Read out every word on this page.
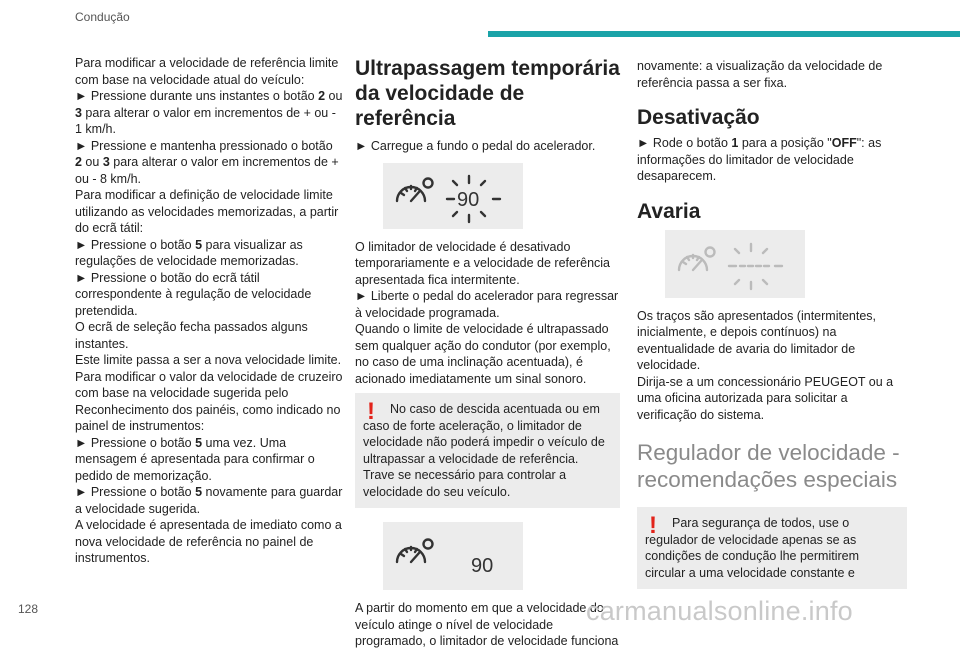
Condução

Para modificar a velocidade de referência limite com base na velocidade atual do veículo:

► Pressione durante uns instantes o botão 2 ou 3 para alterar o valor em incrementos de + ou - 1 km/h.

► Pressione e mantenha pressionado o botão 2 ou 3 para alterar o valor em incrementos de + ou - 8 km/h.

Para modificar a definição de velocidade limite utilizando as velocidades memorizadas, a partir do ecrã tátil:

► Pressione o botão 5 para visualizar as regulações de velocidade memorizadas.

► Pressione o botão do ecrã tátil correspondente à regulação de velocidade pretendida.

O ecrã de seleção fecha passados alguns instantes.

Este limite passa a ser a nova velocidade limite.

Para modificar o valor da velocidade de cruzeiro com base na velocidade sugerida pelo Reconhecimento dos painéis, como indicado no painel de instrumentos:

► Pressione o botão 5 uma vez. Uma mensagem é apresentada para confirmar o pedido de memorização.

► Pressione o botão 5 novamente para guardar a velocidade sugerida.

A velocidade é apresentada de imediato como a nova velocidade de referência no painel de instrumentos.

Ultrapassagem temporária da velocidade de referência

► Carregue a fundo o pedal do acelerador.

90

O limitador de velocidade é desativado temporariamente e a velocidade de referência apresentada fica intermitente.

► Liberte o pedal do acelerador para regressar à velocidade programada.

Quando o limite de velocidade é ultrapassado sem qualquer ação do condutor (por exemplo, no caso de uma inclinação acentuada), é acionado imediatamente um sinal sonoro.

!	No caso de descida acentuada ou em caso de forte aceleração, o limitador de velocidade não poderá impedir o veículo de ultrapassar a velocidade de referência.

Trave se necessário para controlar a velocidade do seu veículo.

90

A partir do momento em que a velocidade do veículo atinge o nível de velocidade programado, o limitador de velocidade funciona

novamente: a visualização da velocidade de referência passa a ser fixa.

Desativação

► Rode o botão 1 para a posição "OFF": as informações do limitador de velocidade desaparecem.

Avaria

Os traços são apresentados (intermitentes, inicialmente, e depois contínuos) na eventualidade de avaria do limitador de velocidade.

Dirija-se a um concessionário PEUGEOT ou a uma oficina autorizada para solicitar a verificação do sistema.

Regulador de velocidade - recomendações especiais
!	Para segurança de todos, use o regulador de velocidade apenas se as condições de condução lhe permitirem circular a uma velocidade constante e

128	carmanualsonline.info
